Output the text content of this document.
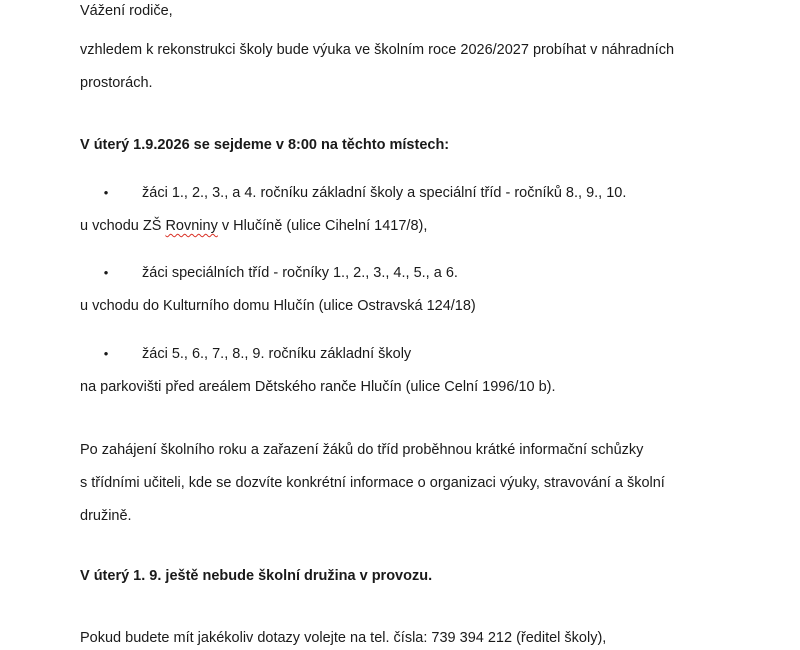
Vážení rodiče,
vzhledem k rekonstrukci školy bude výuka ve školním roce 2026/2027 probíhat v náhradních
prostorách.
V úterý 1.9.2026 se sejdeme v 8:00 na těchto místech:
• žáci 1., 2., 3., a 4. ročníku základní školy a speciální tříd - ročníků 8., 9., 10.
u vchodu ZŠ Rovniny v Hlučíně (ulice Cihelní 1417/8),
• žáci speciálních tříd - ročníky 1., 2., 3., 4., 5., a 6.
u vchodu do Kulturního domu Hlučín (ulice Ostravská 124/18)
• žáci 5., 6., 7., 8., 9. ročníku základní školy
na parkovišti před areálem Dětského ranče Hlučín (ulice Celní 1996/10 b).
Po zahájení školního roku a zařazení žáků do tříd proběhnou krátké informační schůzky
s třídními učiteli, kde se dozvíte konkrétní informace o organizaci výuky, stravování a školní
družině.
V úterý 1. 9. ještě nebude školní družina v provozu.
Pokud budete mít jakékoliv dotazy volejte na tel. čísla: 739 394 212 (ředitel školy),
